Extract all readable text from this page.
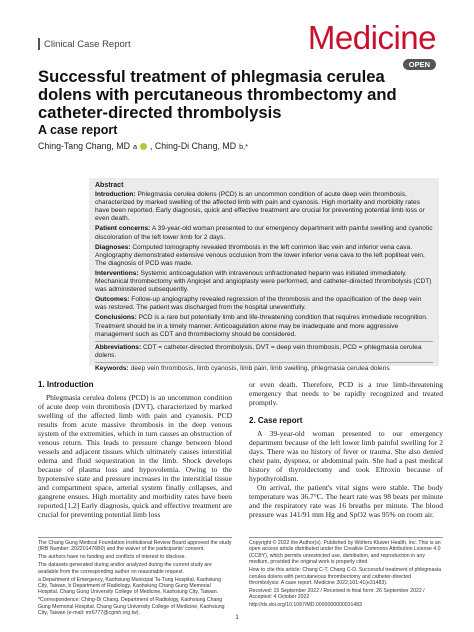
Clinical Case Report	Medicine
OPEN
Successful treatment of phlegmasia cerulea dolens with percutaneous thrombectomy and catheter-directed thrombolysis
A case report
Ching-Tang Chang, MD a , Ching-Di Chang, MD b,*
Abstract

Introduction: Phlegmasia cerulea dolens (PCD) is an uncommon condition of acute deep vein thrombosis, characterized by marked swelling of the affected limb with pain and cyanosis. High mortality and morbidity rates have been reported. Early diagnosis, quick and effective treatment are crucial for preventing potential limb loss or even death.

Patient concerns: A 39-year-old woman presented to our emergency department with painful swelling and cyanotic discoloration of the left lower limb for 2 days.

Diagnoses: Computed tomography revealed thrombosis in the left common iliac vein and inferior vena cava. Angiography demonstrated extensive venous occlusion from the lower inferior vena cava to the left popliteal vein. The diagnosis of PCD was made.

Interventions: Systemic anticoagulation with intravenous unfractionated heparin was initiated immediately. Mechanical thrombectomy with Angiojet and angioplasty were performed, and catheter-directed thrombolysis (CDT) was administered subsequently.

Outcomes: Follow-up angiography revealed regression of the thrombosis and the opacification of the deep vein was restored. The patient was discharged from the hospital uneventfully.

Conclusions: PCD is a rare but potentially limb and life-threatening condition that requires immediate recognition. Treatment should be in a timely manner. Anticoagulation alone may be inadequate and more aggressive management such as CDT and thrombectomy should be considered.

Abbreviations: CDT = catheter-directed thrombolysis, DVT = deep vein thrombosis, PCD = phlegmasia cerulea dolens.

Keywords: deep vein thrombosis, limb cyanosis, limb pain, limb swelling, phlegmasia cerulea dolens

1. Introduction

Phlegmasia cerulea dolens (PCD) is an uncommon condition of acute deep vein thrombosis (DVT), characterized by marked swelling of the affected limb with pain and cyanosis. PCD results from acute massive thrombosis in the deep venous system of the extremities, which in turn causes an obstruction of venous return. This leads to pressure change between blood vessels and adjacent tissues which ultimately causes interstitial edema and fluid sequestration in the limb. Shock develops because of plasma loss and hypovolemia. Owing to the hypotensive state and pressure increases in the interstitial tissue and compartment space, arterial system finally collapses, and gangrene ensues. High mortality and morbidity rates have been reported.[1,2] Early diagnosis, quick and effective treatment are crucial for preventing potential limb loss

or even death. Therefore, PCD is a true limb-threatening emergency that needs to be rapidly recognized and treated promptly.

2. Case report

A 39-year-old woman presented to our emergency department because of the left lower limb painful swelling for 2 days. There was no history of fever or trauma. She also denied chest pain, dyspnea, or abdominal pain. She had a past medical history of thyroidectomy and took Eltroxin because of hypothyroidism.

On arrival, the patient's vital signs were stable. The body temperature was 36.7°C. The heart rate was 98 beats per minute and the respiratory rate was 16 breaths per minute. The blood pressure was 141/91 mm Hg and SpO2 was 95% on room air.

The Chang Gung Medical Foundation Institutional Review Board approved the study (IRB Number: 202201476B0) and the waiver of the participants' consent.

The authors have no funding and conflicts of interest to disclose.

The datasets generated during and/or analyzed during the current study are available from the corresponding author on reasonable request.

a Department of Emergency, Kaohsiung Municipal Ta-Tung Hospital, Kaohsiung City, Taiwan, b Department of Radiology, Kaohsiung Chang Gung Memorial Hospital, Chang Gung University College of Medicine, Kaohsiung City, Taiwan.

*Correspondence: Ching-Di Chang, Department of Radiology, Kaohsiung Chang Gung Memorial Hospital, Chang Gung University College of Medicine, Kaohsiung City, Taiwan (e-mail: mr6777@cgmh.org.tw).

Copyright © 2022 the Author(s). Published by Wolters Kluwer Health, Inc. This is an open access article distributed under the Creative Commons Attribution License 4.0 (CCBY), which permits unrestricted use, distribution, and reproduction in any medium, provided the original work is properly cited.

How to cite this article: Chang C-T, Chang C-D. Successful treatment of phlegmasia cerulea dolens with percutaneous thrombectomy and catheter-directed thrombolysis: A case report. Medicine 2022;101:41(e31483).

Received: 15 September 2022 / Received in final form: 26 September 2022 / Accepted: 4 October 2022

http://dx.doi.org/10.1097/MD.0000000000031483

1
